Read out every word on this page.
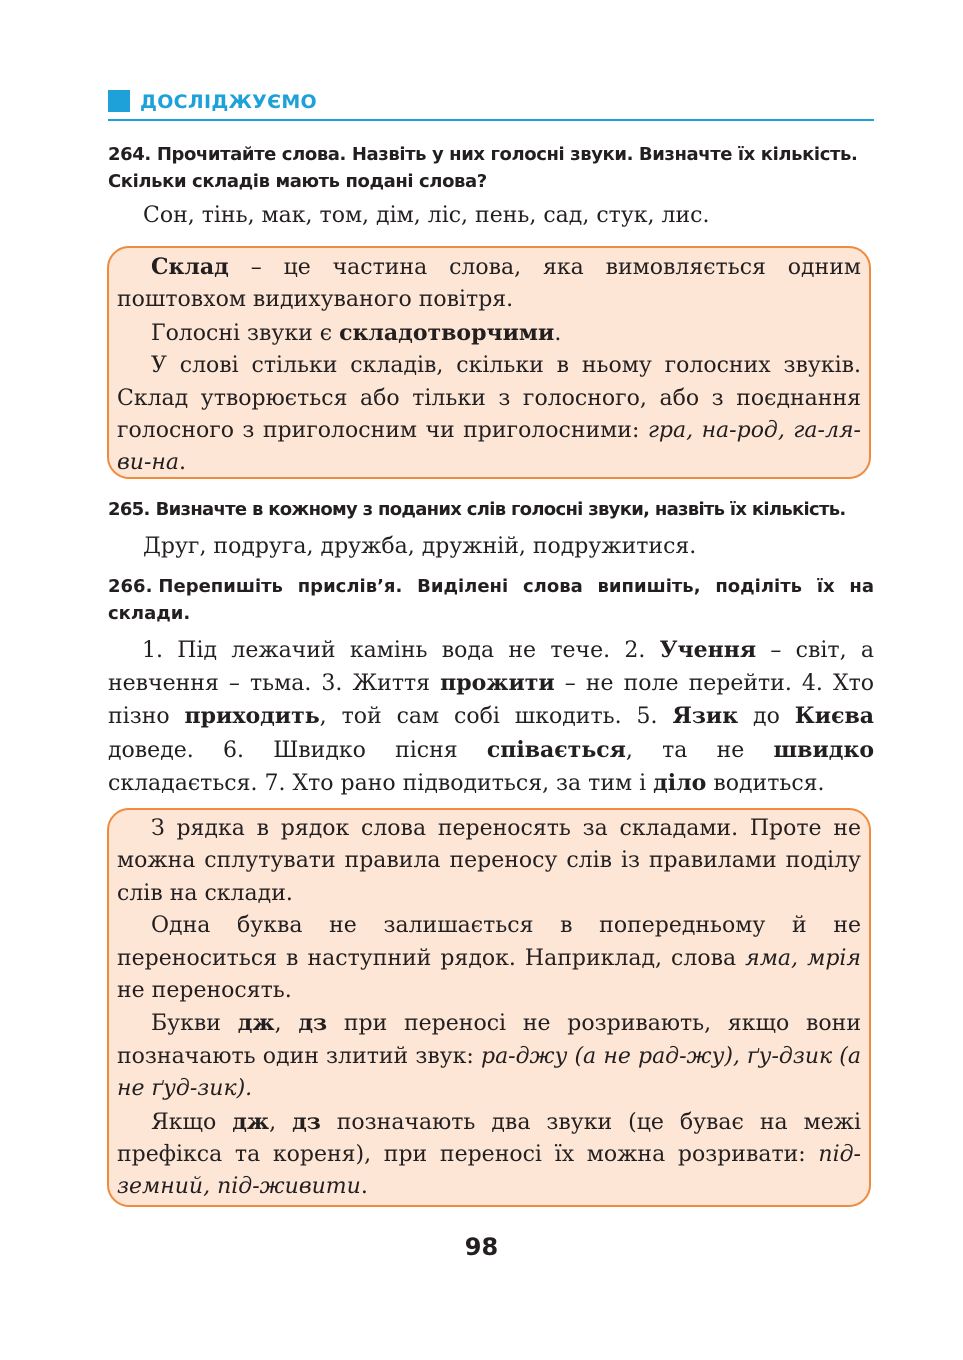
ДОСЛІДЖУЄМО
264. Прочитайте слова. Назвіть у них голосні звуки. Визначте їх кількість.
Скільки складів мають подані слова?
Сон, тінь, мак, том, дім, ліс, пень, сад, стук, лис.

Склад – це частина слова, яка вимовляється одним поштовхом видихуваного повітря.

Голосні звуки є складотворчими.

У слові стільки складів, скільки в ньому голосних звуків. Склад утворюється або тільки з голосного, або з поєднання голосного з приголосним чи приголосними: гра, на-род, га-ля-ви-на.

265. Визначте в кожному з поданих слів голосні звуки, назвіть їх кількість.
Друг, подруга, дружба, дружній, подружитися.
266. Перепишіть прислів’я. Виділені слова випишіть, поділіть їх на склади.

1. Під лежачий камінь вода не тече. 2. Учення – світ, а невчення – тьма. 3. Життя прожити – не поле перейти. 4. Хто пізно приходить, той сам собі шкодить. 5. Язик до Києва доведе. 6. Швидко пісня співається, та не швидко складається. 7. Хто рано підводиться, за тим і діло водиться.

З рядка в рядок слова переносять за складами. Проте не можна сплутувати правила переносу слів із правилами поділу слів на склади.

Одна буква не залишається в попередньому й не переноситься в наступний рядок. Наприклад, слова яма, мрія не переносять.

Букви дж, дз при переносі не розривають, якщо вони позначають один злитий звук: ра-джу (а не рад-жу), ґу-дзик (а не ґуд-зик).

Якщо дж, дз позначають два звуки (це буває на межі префікса та кореня), при переносі їх можна розривати: під-земний, під-живити.

98
